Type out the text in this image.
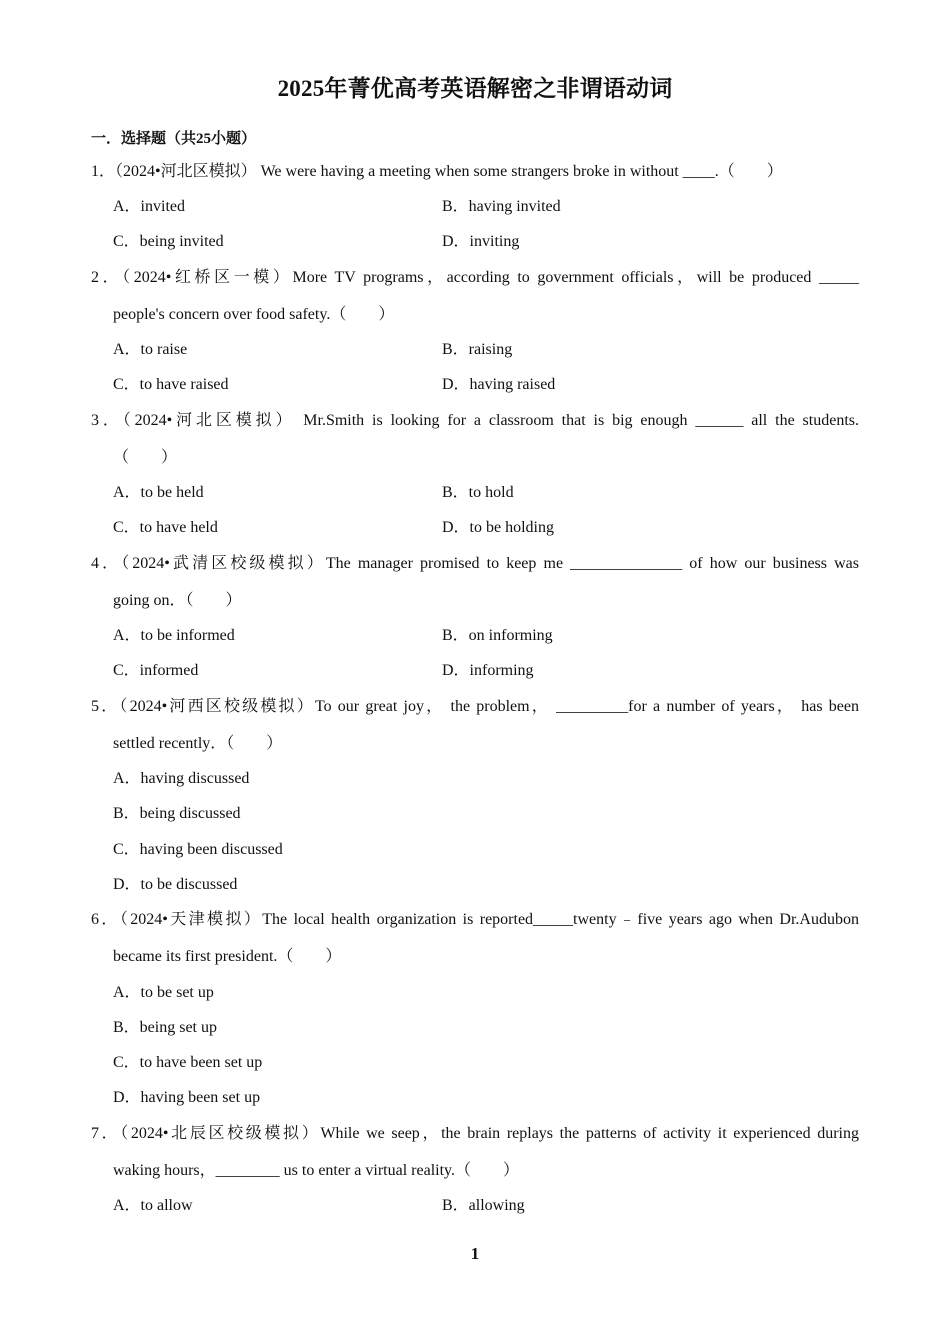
2025年菁优高考英语解密之非谓语动词
一．选择题（共25小题）
1．（2024•河北区模拟） We were having a meeting when some strangers broke in without ____.（　　）
A．invited	B．having invited
C．being invited	D．inviting
2．（2024•红桥区一模）More TV programs，according to government officials，will be produced _____
people's concern over food safety.（　　）
A．to raise	B．raising
C．to have raised	D．having raised
3．（2024•河北区模拟） Mr.Smith is looking for a classroom that is big enough ______ all the students.
（　　）
A．to be held	B．to hold
C．to have held	D．to be holding
4．（2024•武清区校级模拟）The manager promised to keep me ______________ of how our business was
going on．（　　）
A．to be informed	B．on informing
C．informed	D．informing
5．（2024•河西区校级模拟）To our great joy， the problem， _________for a number of years， has been
settled recently．（　　）
A．having discussed
B．being discussed
C．having been discussed
D．to be discussed
6．（2024•天津模拟）The local health organization is reported_____twenty﹣five years ago when Dr.Audubon
became its first president.（　　）
A．to be set up
B．being set up
C．to have been set up
D．having been set up
7．（2024•北辰区校级模拟）While we seep，the brain replays the patterns of activity it experienced during
waking hours，________ us to enter a virtual reality.（　　）
A．to allow	B．allowing
1
